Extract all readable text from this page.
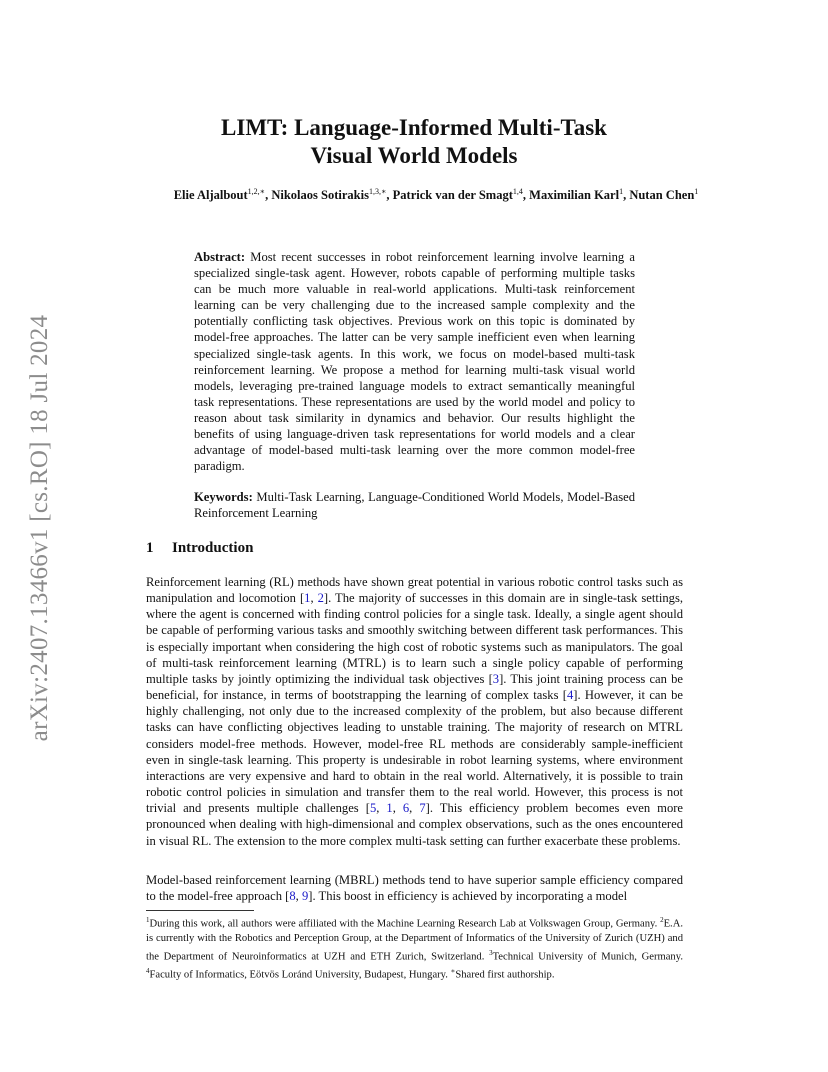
arXiv:2407.13466v1 [cs.RO] 18 Jul 2024
LIMT: Language-Informed Multi-Task
Visual World Models
Elie Aljalbout$^{1,2,∗}$, Nikolaos Sotirakis$^{1,3,∗}$, Patrick van der Smagt$^{1,4}$, Maximilian Karl$^1$, Nutan Chen$^1$
Abstract: Most recent successes in robot reinforcement learning involve learning a specialized single-task agent. However, robots capable of performing multiple tasks can be much more valuable in real-world applications. Multi-task reinforcement learning can be very challenging due to the increased sample complexity and the potentially conflicting task objectives. Previous work on this topic is dominated by model-free approaches. The latter can be very sample inefficient even when learning specialized single-task agents. In this work, we focus on model-based multi-task reinforcement learning. We propose a method for learning multi-task visual world models, leveraging pre-trained language models to extract semantically meaningful task representations. These representations are used by the world model and policy to reason about task similarity in dynamics and behavior. Our results highlight the benefits of using language-driven task representations for world models and a clear advantage of model-based multi-task learning over the more common model-free paradigm.
Keywords: Multi-Task Learning, Language-Conditioned World Models, Model-Based Reinforcement Learning
1 Introduction
Reinforcement learning (RL) methods have shown great potential in various robotic control tasks such as manipulation and locomotion [1, 2]. The majority of successes in this domain are in single-task settings, where the agent is concerned with finding control policies for a single task. Ideally, a single agent should be capable of performing various tasks and smoothly switching between different task performances. This is especially important when considering the high cost of robotic systems such as manipulators. The goal of multi-task reinforcement learning (MTRL) is to learn such a single policy capable of performing multiple tasks by jointly optimizing the individual task objectives [3]. This joint training process can be beneficial, for instance, in terms of bootstrapping the learning of complex tasks [4]. However, it can be highly challenging, not only due to the increased complexity of the problem, but also because different tasks can have conflicting objectives leading to unstable training. The majority of research on MTRL considers model-free methods. However, model-free RL methods are considerably sample-inefficient even in single-task learning. This property is undesirable in robot learning systems, where environment interactions are very expensive and hard to obtain in the real world. Alternatively, it is possible to train robotic control policies in simulation and transfer them to the real world. However, this process is not trivial and presents multiple challenges [5, 1, 6, 7]. This efficiency problem becomes even more pronounced when dealing with high-dimensional and complex observations, such as the ones encountered in visual RL. The extension to the more complex multi-task setting can further exacerbate these problems.
Model-based reinforcement learning (MBRL) methods tend to have superior sample efficiency compared to the model-free approach [8, 9]. This boost in efficiency is achieved by incorporating a model
$^1$During this work, all authors were affiliated with the Machine Learning Research Lab at Volkswagen Group, Germany. $^2$E.A. is currently with the Robotics and Perception Group, at the Department of Informatics of the University of Zurich (UZH) and the Department of Neuroinformatics at UZH and ETH Zurich, Switzerland. $^3$Technical University of Munich, Germany. $^4$Faculty of Informatics, Eötvös Loránd University, Budapest, Hungary. ∗Shared first authorship.
